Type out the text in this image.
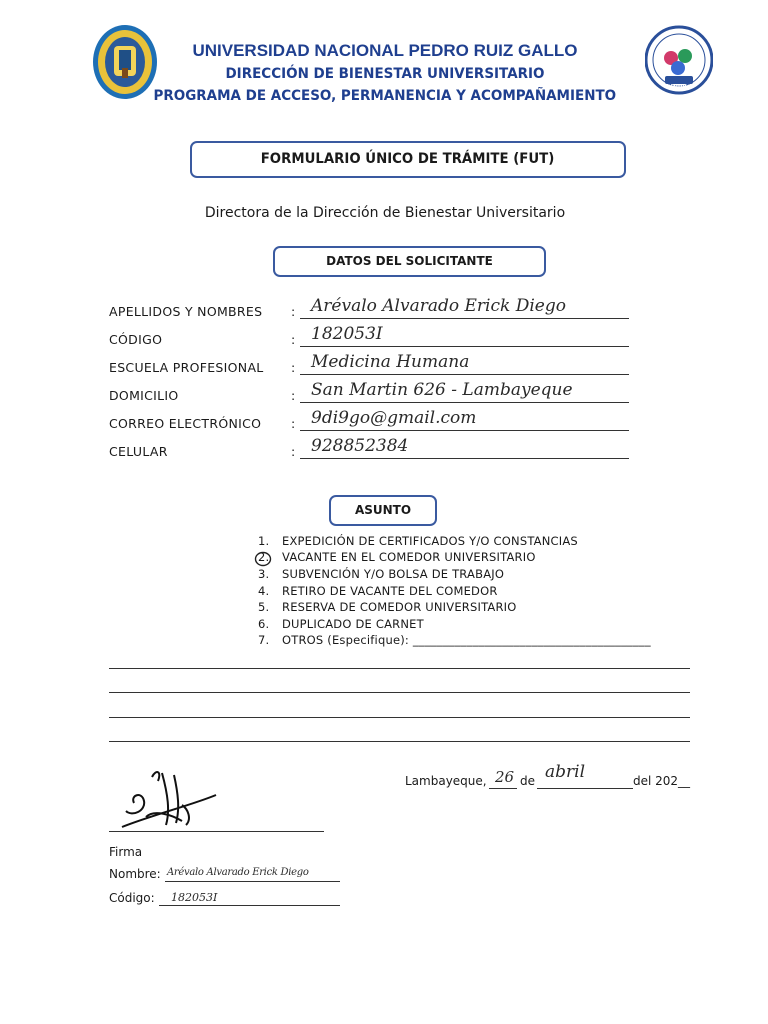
UNPRG
UNIVERSIDAD NACIONAL PEDRO RUIZ GALLO
DIRECCIÓN DE BIENESTAR UNIVERSITARIO
PROGRAMA DE ACCESO, PERMANENCIA Y ACOMPAÑAMIENTO
FORMULARIO ÚNICO DE TRÁMITE (FUT)
Directora de la Dirección de Bienestar Universitario
DATOS DEL SOLICITANTE
APELLIDOS Y NOMBRES : Arévalo Alvarado Erick Diego
CÓDIGO	: 182053I
ESCUELA PROFESIONAL : Medicina Humana
DOMICILIO	: San Martin 626 - Lambayeque
CORREO ELECTRÓNICO : 9di9go@gmail.com
CELULAR	: 928852384
ASUNTO
1. EXPEDICIÓN DE CERTIFICADOS Y/O CONSTANCIAS
2. VACANTE EN EL COMEDOR UNIVERSITARIO
3. SUBVENCIÓN Y/O BOLSA DE TRABAJO
4. RETIRO DE VACANTE DEL COMEDOR
5. RESERVA DE COMEDOR UNIVERSITARIO
6. DUPLICADO DE CARNET
7. OTROS (Especifique): ________________________________________
Lambayeque, 26 de abril	del 202__
Firma
Nombre: Arévalo Alvarado Erick Diego
Código: 182053I
